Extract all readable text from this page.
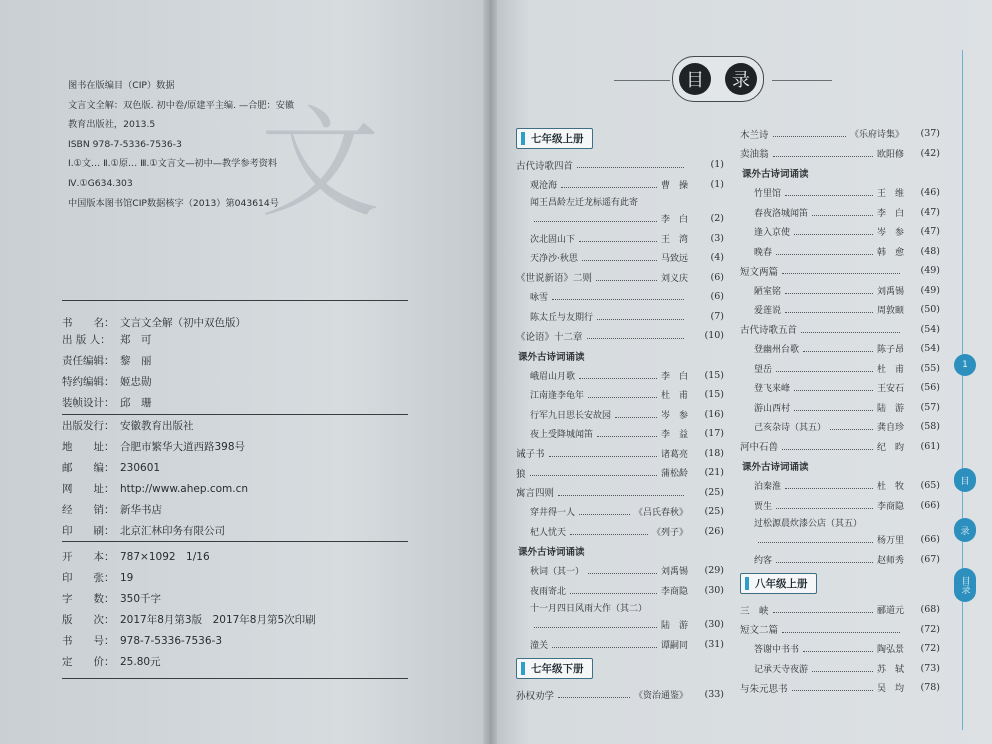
文
图书在版编目（CIP）数据
文言文全解：双色版. 初中卷/原建平主编. —合肥：安徽
教育出版社，2013.5
ISBN 978-7-5336-7536-3
Ⅰ.①文… Ⅱ.①原… Ⅲ.①文言文—初中—教学参考资料
Ⅳ.①G634.303
中国版本图书馆CIP数据核字（2013）第043614号
书　　名： 文言文全解（初中双色版）
出 版 人： 郑　可
责任编辑： 黎　丽
特约编辑： 姬忠勋
装帧设计： 邱　珊
出版发行： 安徽教育出版社
地　　址： 合肥市繁华大道西路398号
邮　　编： 230601
网　　址： http://www.ahep.com.cn
经　　销： 新华书店
印　　刷： 北京汇林印务有限公司
开　　本： 787×1092　1/16
印　　张： 19
字　　数： 350千字
版　　次： 2017年8月第3版　2017年8月第5次印刷
书　　号： 978-7-5336-7536-3
定　　价： 25.80元
目	录
七年级上册
古代诗歌四首	(1)
观沧海	曹　操	(1)
闻王昌龄左迁龙标遥有此寄
李　白	(2)
次北固山下	王　湾	(3)
天净沙·秋思	马致远	(4)
《世说新语》二则	刘义庆	(6)
咏雪	(6)
陈太丘与友期行	(7)
《论语》十二章	(10)
课外古诗词诵读
峨眉山月歌	李　白	(15)
江南逢李龟年	杜　甫	(15)
行军九日思长安故园	岑　参	(16)
夜上受降城闻笛	李　益	(17)
诫子书	诸葛亮	(18)
狼	蒲松龄	(21)
寓言四则	(25)
穿井得一人	《吕氏春秋》	(25)
杞人忧天	《列子》	(26)
课外古诗词诵读
秋词（其一）	刘禹锡	(29)
夜雨寄北	李商隐	(30)
十一月四日风雨大作（其二）
陆　游	(30)
潼关	谭嗣同	(31)
七年级下册
孙权劝学	《资治通鉴》	(33)
木兰诗	《乐府诗集》	(37)
卖油翁	欧阳修	(42)
课外古诗词诵读
竹里馆	王　维	(46)
春夜洛城闻笛	李　白	(47)
逢入京使	岑　参	(47)
晚春	韩　愈	(48)
短文两篇	(49)
陋室铭	刘禹锡	(49)
爱莲说	周敦颐	(50)
古代诗歌五首	(54)
登幽州台歌	陈子昂	(54)
望岳	杜　甫	(55)
登飞来峰	王安石	(56)
游山西村	陆　游	(57)
己亥杂诗（其五）	龚自珍	(58)
河中石兽	纪　昀	(61)
课外古诗词诵读
泊秦淮	杜　牧	(65)
贾生	李商隐	(66)
过松源晨炊漆公店（其五）
杨万里	(66)
约客	赵师秀	(67)
八年级上册
三　峡	郦道元	(68)
短文二篇	(72)
答谢中书书	陶弘景	(72)
记承天寺夜游	苏　轼	(73)
与朱元思书	吴　均	(78)
1
目
录
目录
